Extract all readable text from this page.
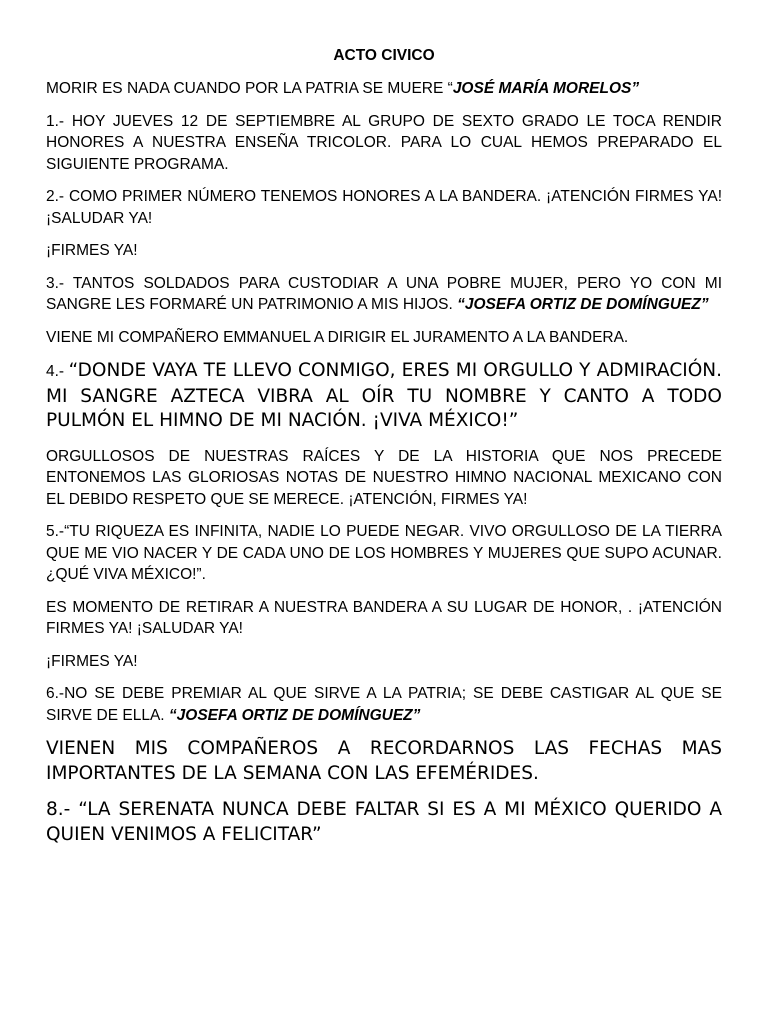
ACTO CIVICO

MORIR ES NADA CUANDO POR LA PATRIA SE MUERE “JOSÉ MARÍA MORELOS”

1.- HOY JUEVES 12 DE SEPTIEMBRE AL GRUPO DE SEXTO GRADO LE TOCA RENDIR HONORES A NUESTRA ENSEÑA TRICOLOR. PARA LO CUAL HEMOS PREPARADO EL SIGUIENTE PROGRAMA.

2.- COMO PRIMER NÚMERO TENEMOS HONORES A LA BANDERA. ¡ATENCIÓN FIRMES YA! ¡SALUDAR YA!

¡FIRMES YA!

3.- TANTOS SOLDADOS PARA CUSTODIAR A UNA POBRE MUJER, PERO YO CON MI SANGRE LES FORMARÉ UN PATRIMONIO A MIS HIJOS. “JOSEFA ORTIZ DE DOMÍNGUEZ”

VIENE MI COMPAÑERO EMMANUEL A DIRIGIR EL JURAMENTO A LA BANDERA.

4.- “DONDE VAYA TE LLEVO CONMIGO, ERES MI ORGULLO Y ADMIRACIÓN. MI SANGRE AZTECA VIBRA AL OÍR TU NOMBRE Y CANTO A TODO PULMÓN EL HIMNO DE MI NACIÓN. ¡VIVA MÉXICO!”

ORGULLOSOS DE NUESTRAS RAÍCES Y DE LA HISTORIA QUE NOS PRECEDE ENTONEMOS LAS GLORIOSAS NOTAS DE NUESTRO HIMNO NACIONAL MEXICANO CON EL DEBIDO RESPETO QUE SE MERECE. ¡ATENCIÓN, FIRMES YA!

5.-“TU RIQUEZA ES INFINITA, NADIE LO PUEDE NEGAR. VIVO ORGULLOSO DE LA TIERRA QUE ME VIO NACER Y DE CADA UNO DE LOS HOMBRES Y MUJERES QUE SUPO ACUNAR. ¿QUÉ VIVA MÉXICO!”.

ES MOMENTO DE RETIRAR A NUESTRA BANDERA A SU LUGAR DE HONOR, . ¡ATENCIÓN FIRMES YA! ¡SALUDAR YA!

¡FIRMES YA!

6.-NO SE DEBE PREMIAR AL QUE SIRVE A LA PATRIA; SE DEBE CASTIGAR AL QUE SE SIRVE DE ELLA. “JOSEFA ORTIZ DE DOMÍNGUEZ”

VIENEN MIS COMPAÑEROS A RECORDARNOS LAS FECHAS MAS IMPORTANTES DE LA SEMANA CON LAS EFEMÉRIDES.

8.- “LA SERENATA NUNCA DEBE FALTAR SI ES A MI MÉXICO QUERIDO A QUIEN VENIMOS A FELICITAR”
